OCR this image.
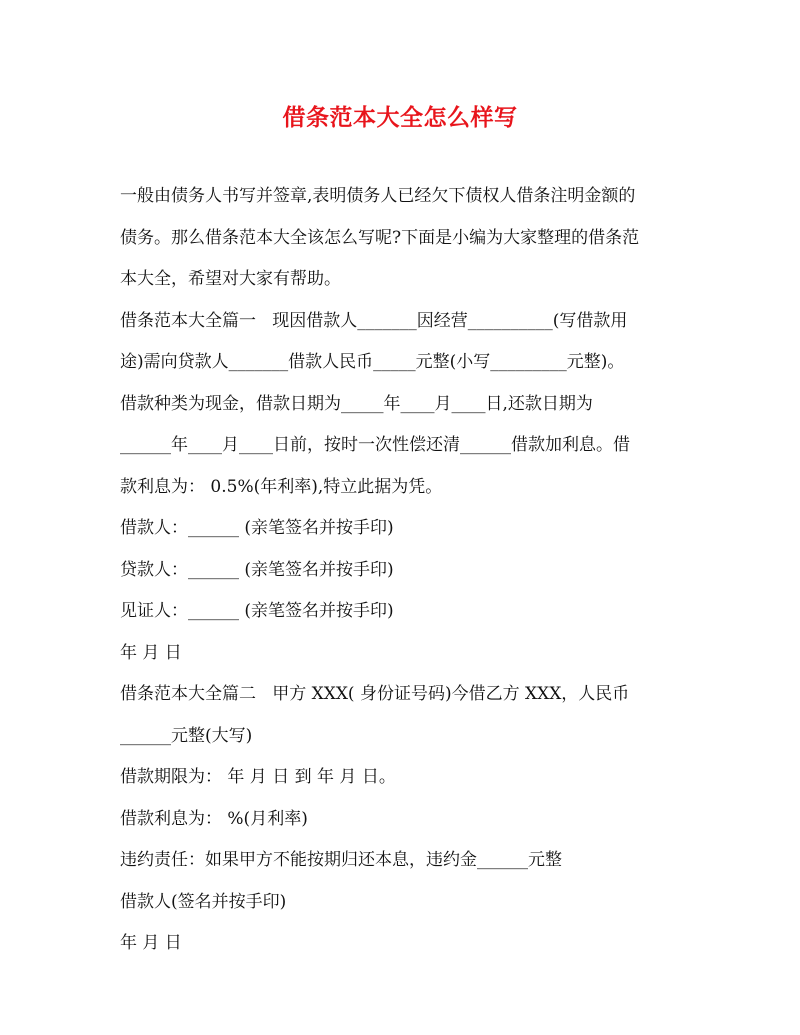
借条范本大全怎么样写
一般由债务人书写并签章,表明债务人已经欠下债权人借条注明金额的
债务。那么借条范本大全该怎么写呢?下面是小编为大家整理的借条范
本大全，希望对大家有帮助。
借条范本大全篇一   现因借款人_______因经营__________(写借款用
途)需向贷款人_______借款人民币_____元整(小写_________元整)。
借款种类为现金，借款日期为_____年____月____日,还款日期为
______年____月____日前，按时一次性偿还清______借款加利息。借
款利息为： 0.5%(年利率),特立此据为凭。
借款人：______ (亲笔签名并按手印)
贷款人：______ (亲笔签名并按手印)
见证人：______ (亲笔签名并按手印)
年 月 日
借条范本大全篇二   甲方 XXX( 身份证号码)今借乙方 XXX，人民币
______元整(大写)
借款期限为： 年 月 日 到 年 月 日。
借款利息为： %(月利率)
违约责任：如果甲方不能按期归还本息，违约金______元整
借款人(签名并按手印)
年 月 日
